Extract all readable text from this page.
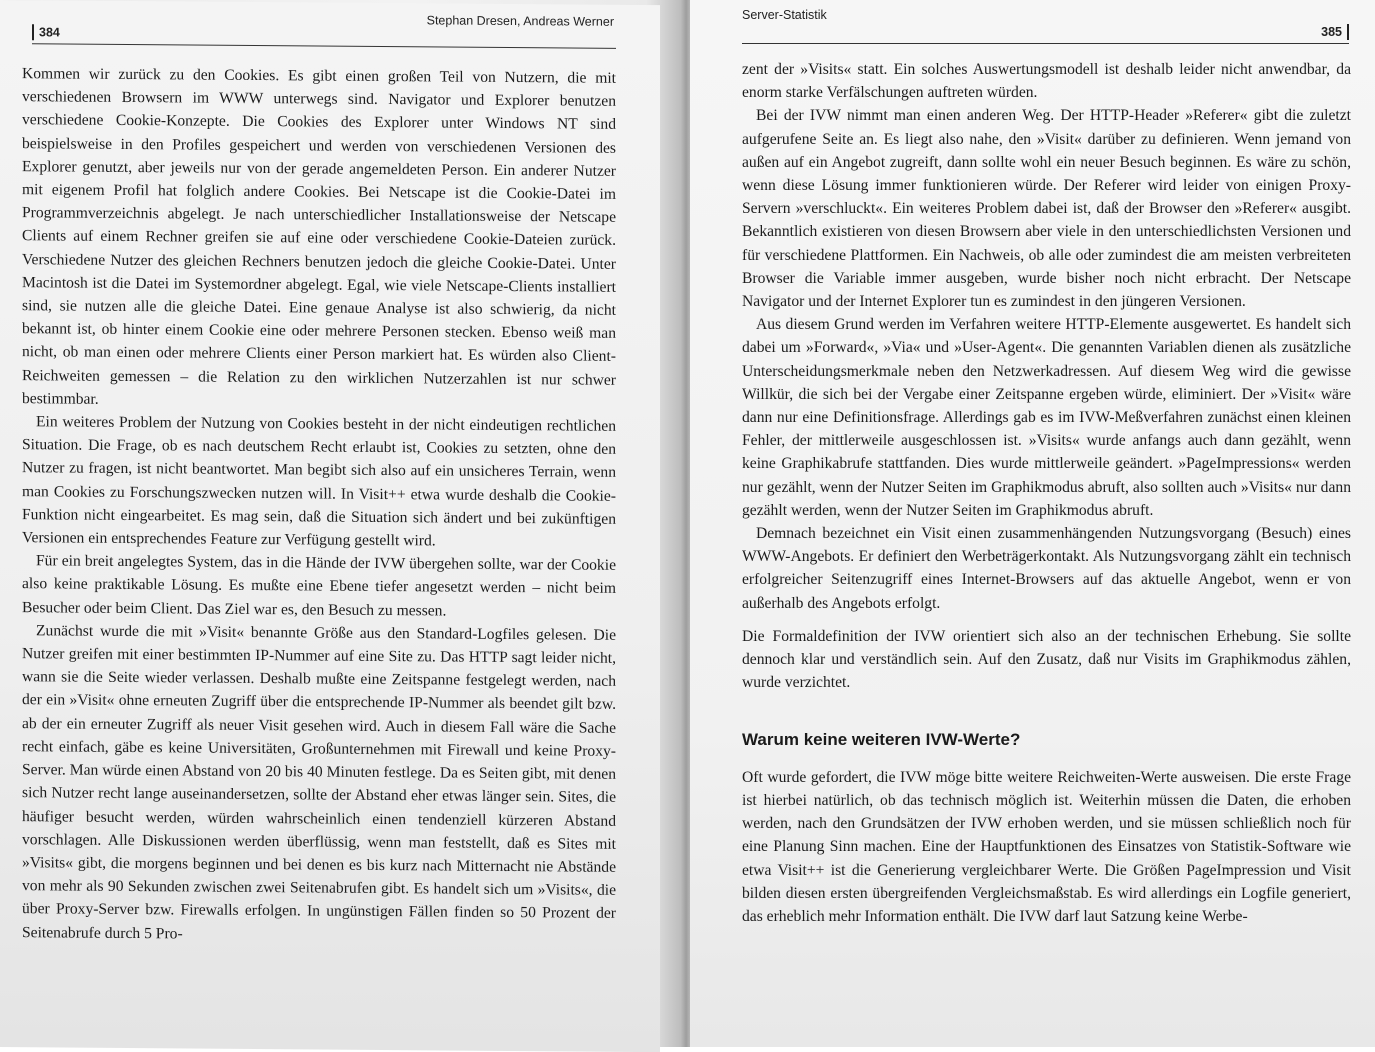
384
Stephan Dresen, Andreas Werner

Kommen wir zurück zu den Cookies. Es gibt einen großen Teil von Nutzern, die mit verschiedenen Browsern im WWW unterwegs sind. Navigator und Explorer benutzen verschiedene Cookie-Konzepte. Die Cookies des Explorer unter Windows NT sind beispielsweise in den Profiles gespeichert und werden von verschiedenen Versionen des Explorer genutzt, aber jeweils nur von der gerade angemeldeten Person. Ein anderer Nutzer mit eigenem Profil hat folglich andere Cookies. Bei Netscape ist die Cookie-Datei im Programmverzeichnis abgelegt. Je nach unterschiedlicher Installationsweise der Netscape Clients auf einem Rechner greifen sie auf eine oder verschiedene Cookie-Dateien zurück. Verschiedene Nutzer des gleichen Rechners benutzen jedoch die gleiche Cookie-Datei. Unter Macintosh ist die Datei im Systemordner abgelegt. Egal, wie viele Netscape-Clients installiert sind, sie nutzen alle die gleiche Datei. Eine genaue Analyse ist also schwierig, da nicht bekannt ist, ob hinter einem Cookie eine oder mehrere Personen stecken. Ebenso weiß man nicht, ob man einen oder mehrere Clients einer Person markiert hat. Es würden also Client-Reichweiten gemessen – die Relation zu den wirklichen Nutzerzahlen ist nur schwer bestimmbar.

Ein weiteres Problem der Nutzung von Cookies besteht in der nicht eindeutigen rechtlichen Situation. Die Frage, ob es nach deutschem Recht erlaubt ist, Cookies zu setzten, ohne den Nutzer zu fragen, ist nicht beantwortet. Man begibt sich also auf ein unsicheres Terrain, wenn man Cookies zu Forschungszwecken nutzen will. In Visit++ etwa wurde deshalb die Cookie-Funktion nicht eingearbeitet. Es mag sein, daß die Situation sich ändert und bei zukünftigen Versionen ein entsprechendes Feature zur Verfügung gestellt wird.

Für ein breit angelegtes System, das in die Hände der IVW übergehen sollte, war der Cookie also keine praktikable Lösung. Es mußte eine Ebene tiefer angesetzt werden – nicht beim Besucher oder beim Client. Das Ziel war es, den Besuch zu messen.

Zunächst wurde die mit »Visit« benannte Größe aus den Standard-Logfiles gelesen. Die Nutzer greifen mit einer bestimmten IP-Nummer auf eine Site zu. Das HTTP sagt leider nicht, wann sie die Seite wieder verlassen. Deshalb mußte eine Zeitspanne festgelegt werden, nach der ein »Visit« ohne erneuten Zugriff über die entsprechende IP-Nummer als beendet gilt bzw. ab der ein erneuter Zugriff als neuer Visit gesehen wird. Auch in diesem Fall wäre die Sache recht einfach, gäbe es keine Universitäten, Großunternehmen mit Firewall und keine Proxy-Server. Man würde einen Abstand von 20 bis 40 Minuten festlege. Da es Seiten gibt, mit denen sich Nutzer recht lange auseinandersetzen, sollte der Abstand eher etwas länger sein. Sites, die häufiger besucht werden, würden wahrscheinlich einen tendenziell kürzeren Abstand vorschlagen. Alle Diskussionen werden überflüssig, wenn man feststellt, daß es Sites mit »Visits« gibt, die morgens beginnen und bei denen es bis kurz nach Mitternacht nie Abstände von mehr als 90 Sekunden zwischen zwei Seitenabrufen gibt. Es handelt sich um »Visits«, die über Proxy-Server bzw. Firewalls erfolgen. In ungünstigen Fällen finden so 50 Prozent der Seitenabrufe durch 5 Pro-

Server-Statistik
385

zent der »Visits« statt. Ein solches Auswertungsmodell ist deshalb leider nicht anwendbar, da enorm starke Verfälschungen auftreten würden.

Bei der IVW nimmt man einen anderen Weg. Der HTTP-Header »Referer« gibt die zuletzt aufgerufene Seite an. Es liegt also nahe, den »Visit« darüber zu definieren. Wenn jemand von außen auf ein Angebot zugreift, dann sollte wohl ein neuer Besuch beginnen. Es wäre zu schön, wenn diese Lösung immer funktionieren würde. Der Referer wird leider von einigen Proxy-Servern »verschluckt«. Ein weiteres Problem dabei ist, daß der Browser den »Referer« ausgibt. Bekanntlich existieren von diesen Browsern aber viele in den unterschiedlichsten Versionen und für verschiedene Plattformen. Ein Nachweis, ob alle oder zumindest die am meisten verbreiteten Browser die Variable immer ausgeben, wurde bisher noch nicht erbracht. Der Netscape Navigator und der Internet Explorer tun es zumindest in den jüngeren Versionen.

Aus diesem Grund werden im Verfahren weitere HTTP-Elemente ausgewertet. Es handelt sich dabei um »Forward«, »Via« und »User-Agent«. Die genannten Variablen dienen als zusätzliche Unterscheidungsmerkmale neben den Netzwerkadressen. Auf diesem Weg wird die gewisse Willkür, die sich bei der Vergabe einer Zeitspanne ergeben würde, eliminiert. Der »Visit« wäre dann nur eine Definitionsfrage. Allerdings gab es im IVW-Meßverfahren zunächst einen kleinen Fehler, der mittlerweile ausgeschlossen ist. »Visits« wurde anfangs auch dann gezählt, wenn keine Graphikabrufe stattfanden. Dies wurde mittlerweile geändert. »PageImpressions« werden nur gezählt, wenn der Nutzer Seiten im Graphikmodus abruft, also sollten auch »Visits« nur dann gezählt werden, wenn der Nutzer Seiten im Graphikmodus abruft.

Demnach bezeichnet ein Visit einen zusammenhängenden Nutzungsvorgang (Besuch) eines WWW-Angebots. Er definiert den Werbeträgerkontakt. Als Nutzungsvorgang zählt ein technisch erfolgreicher Seitenzugriff eines Internet-Browsers auf das aktuelle Angebot, wenn er von außerhalb des Angebots erfolgt.

Die Formaldefinition der IVW orientiert sich also an der technischen Erhebung. Sie sollte dennoch klar und verständlich sein. Auf den Zusatz, daß nur Visits im Graphikmodus zählen, wurde verzichtet.

Warum keine weiteren IVW-Werte?

Oft wurde gefordert, die IVW möge bitte weitere Reichweiten-Werte ausweisen. Die erste Frage ist hierbei natürlich, ob das technisch möglich ist. Weiterhin müssen die Daten, die erhoben werden, nach den Grundsätzen der IVW erhoben werden, und sie müssen schließlich noch für eine Planung Sinn machen. Eine der Hauptfunktionen des Einsatzes von Statistik-Software wie etwa Visit++ ist die Generierung vergleichbarer Werte. Die Größen PageImpression und Visit bilden diesen ersten übergreifenden Vergleichsmaßstab. Es wird allerdings ein Logfile generiert, das erheblich mehr Information enthält. Die IVW darf laut Satzung keine Werbe-
